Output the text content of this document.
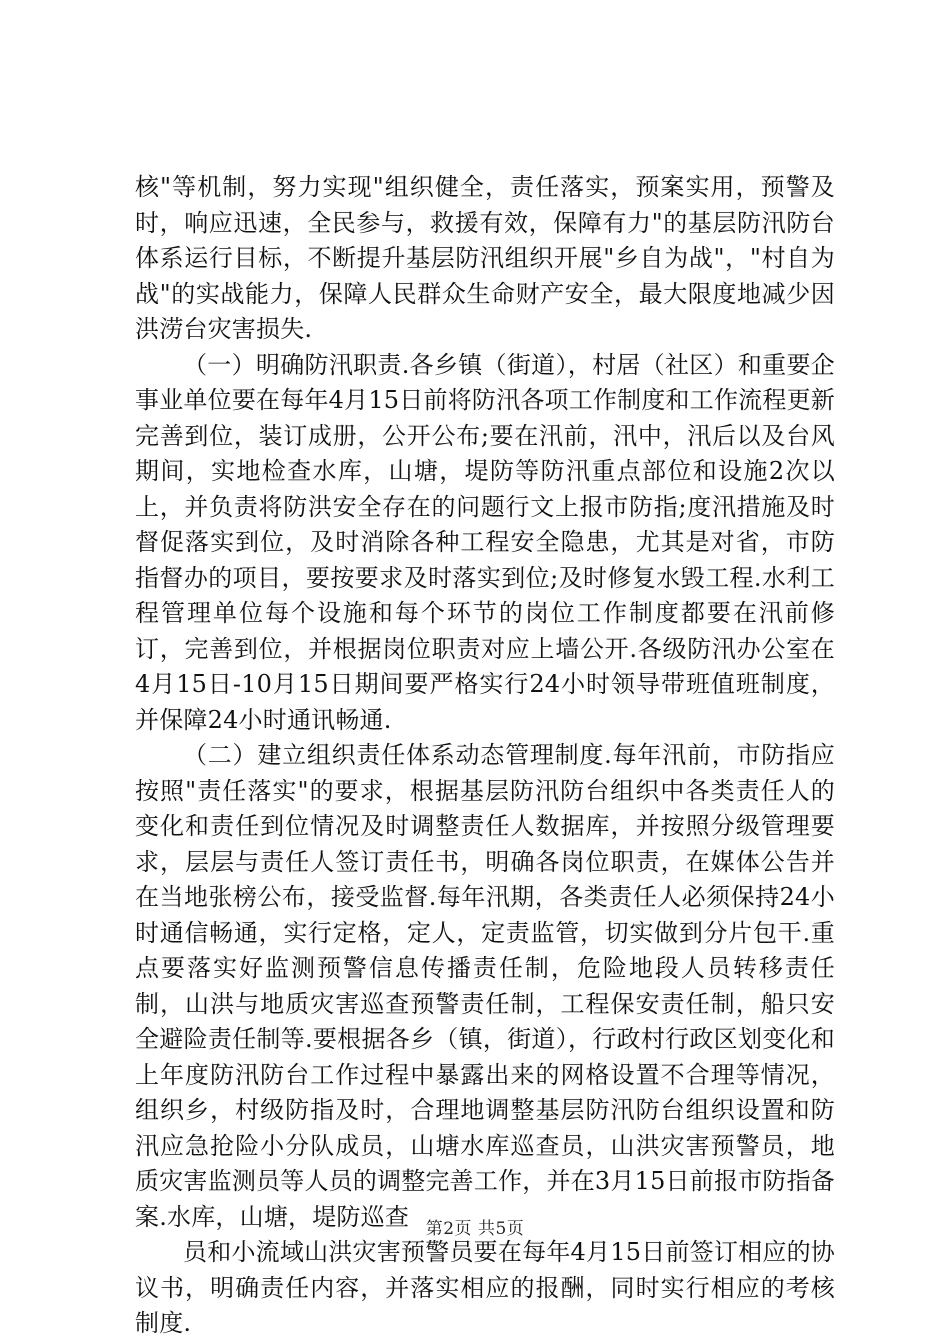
核"等机制，努力实现"组织健全，责任落实，预案实用，预警及时，响应迅速，全民参与，救援有效，保障有力"的基层防汛防台体系运行目标，不断提升基层防汛组织开展"乡自为战"，"村自为战"的实战能力，保障人民群众生命财产安全，最大限度地减少因洪涝台灾害损失.

（一）明确防汛职责.各乡镇（街道），村居（社区）和重要企事业单位要在每年4月15日前将防汛各项工作制度和工作流程更新完善到位，装订成册，公开公布;要在汛前，汛中，汛后以及台风期间，实地检查水库，山塘，堤防等防汛重点部位和设施2次以上，并负责将防洪安全存在的问题行文上报市防指;度汛措施及时督促落实到位，及时消除各种工程安全隐患，尤其是对省，市防指督办的项目，要按要求及时落实到位;及时修复水毁工程.水利工程管理单位每个设施和每个环节的岗位工作制度都要在汛前修订，完善到位，并根据岗位职责对应上墙公开.各级防汛办公室在4月15日-10月15日期间要严格实行24小时领导带班值班制度，并保障24小时通讯畅通.

（二）建立组织责任体系动态管理制度.每年汛前，市防指应按照"责任落实"的要求，根据基层防汛防台组织中各类责任人的变化和责任到位情况及时调整责任人数据库，并按照分级管理要求，层层与责任人签订责任书，明确各岗位职责，在媒体公告并在当地张榜公布，接受监督.每年汛期，各类责任人必须保持24小时通信畅通，实行定格，定人，定责监管，切实做到分片包干.重点要落实好监测预警信息传播责任制，危险地段人员转移责任制，山洪与地质灾害巡查预警责任制，工程保安责任制，船只安全避险责任制等.要根据各乡（镇，街道），行政村行政区划变化和上年度防汛防台工作过程中暴露出来的网格设置不合理等情况，组织乡，村级防指及时，合理地调整基层防汛防台组织设置和防汛应急抢险小分队成员，山塘水库巡查员，山洪灾害预警员，地质灾害监测员等人员的调整完善工作，并在3月15日前报市防指备案.水库，山塘，堤防巡查

员和小流域山洪灾害预警员要在每年4月15日前签订相应的协议书，明确责任内容，并落实相应的报酬，同时实行相应的考核制度.

第2页 共5页
